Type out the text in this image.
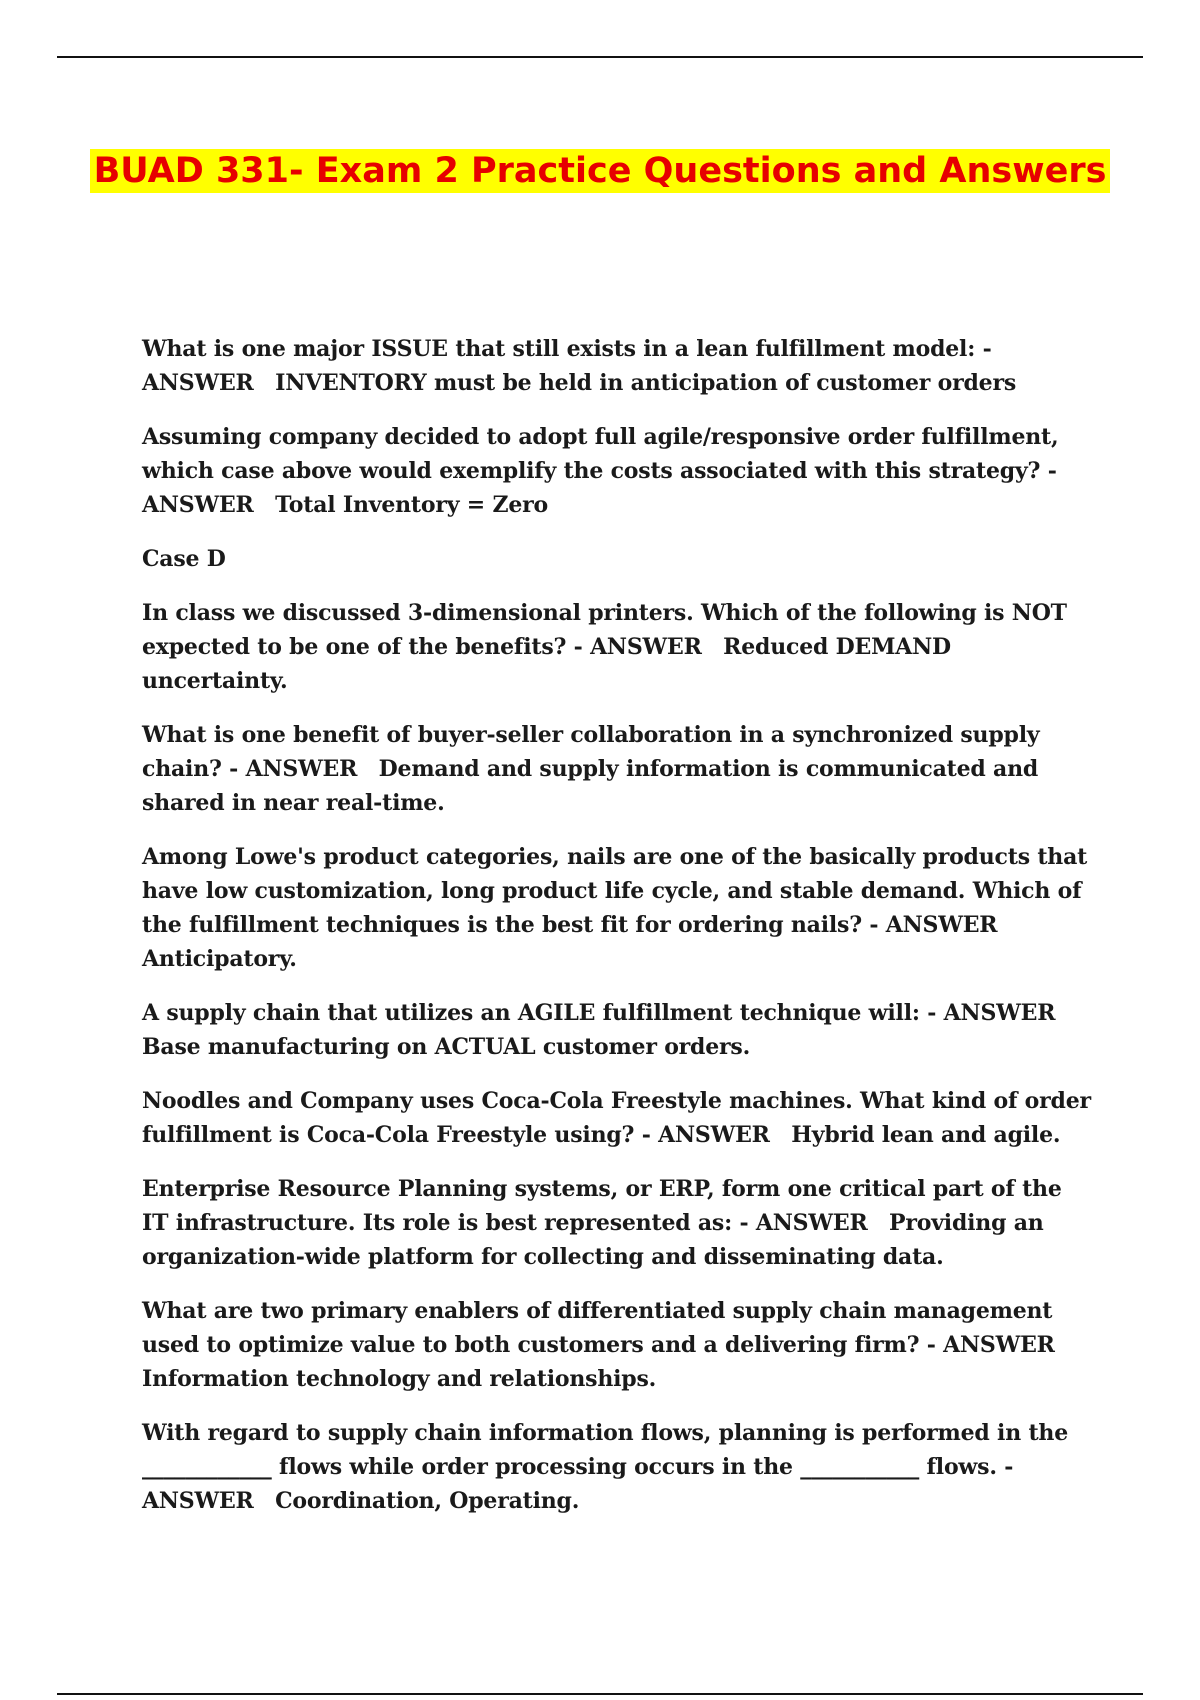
BUAD 331- Exam 2 Practice Questions and Answers

What is one major ISSUE that still exists in a lean fulfillment model: - ANSWER INVENTORY must be held in anticipation of customer orders

Assuming company decided to adopt full agile/responsive order fulfillment, which case above would exemplify the costs associated with this strategy? - ANSWER Total Inventory = Zero

Case D

In class we discussed 3-dimensional printers. Which of the following is NOT expected to be one of the benefits? - ANSWER Reduced DEMAND uncertainty.

What is one benefit of buyer-seller collaboration in a synchronized supply chain? - ANSWER Demand and supply information is communicated and shared in near real-time.

Among Lowe's product categories, nails are one of the basically products that have low customization, long product life cycle, and stable demand. Which of the fulfillment techniques is the best fit for ordering nails? - ANSWER Anticipatory.

A supply chain that utilizes an AGILE fulfillment technique will: - ANSWER Base manufacturing on ACTUAL customer orders.

Noodles and Company uses Coca-Cola Freestyle machines. What kind of order fulfillment is Coca-Cola Freestyle using? - ANSWER Hybrid lean and agile.

Enterprise Resource Planning systems, or ERP, form one critical part of the IT infrastructure. Its role is best represented as: - ANSWER Providing an organization-wide platform for collecting and disseminating data.

What are two primary enablers of differentiated supply chain management used to optimize value to both customers and a delivering firm? - ANSWER Information technology and relationships.

With regard to supply chain information flows, planning is performed in the ____________ flows while order processing occurs in the ___________ flows. - ANSWER Coordination, Operating.
